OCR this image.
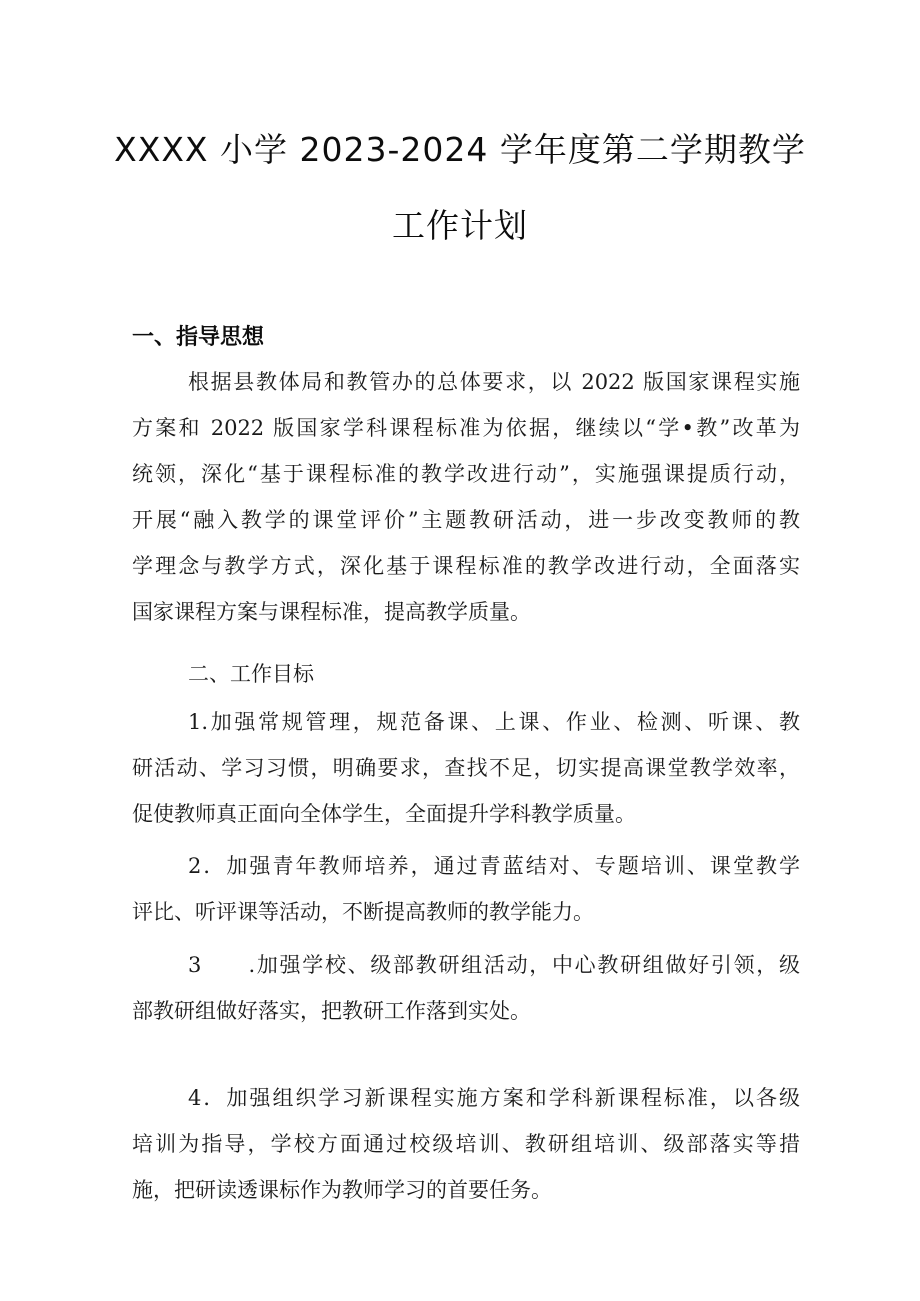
XXXX 小学 2023-2024 学年度第二学期教学
工作计划
一、指导思想
根据县教体局和教管办的总体要求，以 2022 版国家课程实施
方案和 2022 版国家学科课程标准为依据，继续以“学•教”改革为
统领，深化“基于课程标准的教学改进行动”，实施强课提质行动，
开展“融入教学的课堂评价”主题教研活动，进一步改变教师的教
学理念与教学方式，深化基于课程标准的教学改进行动，全面落实
国家课程方案与课程标准，提高教学质量。
二、工作目标
1.加强常规管理，规范备课、上课、作业、检测、听课、教
研活动、学习习惯，明确要求，查找不足，切实提高课堂教学效率，
促使教师真正面向全体学生，全面提升学科教学质量。
2．加强青年教师培养，通过青蓝结对、专题培训、课堂教学
评比、听评课等活动，不断提高教师的教学能力。
3　　.加强学校、级部教研组活动，中心教研组做好引领，级
部教研组做好落实，把教研工作落到实处。
4．加强组织学习新课程实施方案和学科新课程标准，以各级
培训为指导，学校方面通过校级培训、教研组培训、级部落实等措
施，把研读透课标作为教师学习的首要任务。
